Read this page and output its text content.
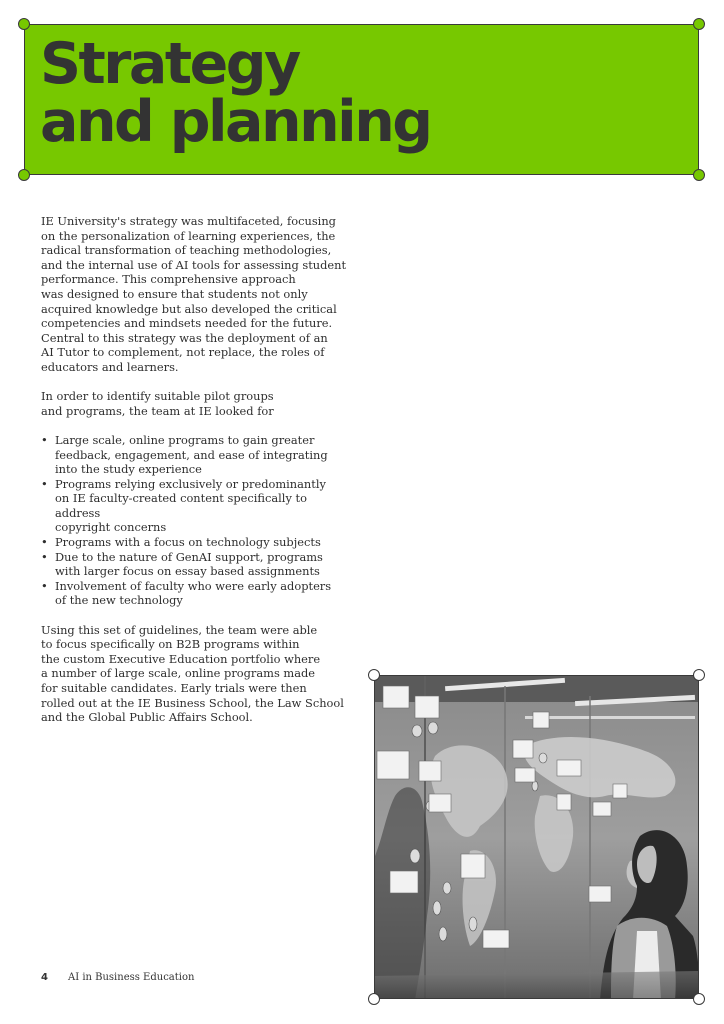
Strategy
and planning

IE University's strategy was multifaceted, focusing
on the personalization of learning experiences, the
radical transformation of teaching methodologies,
and the internal use of AI tools for assessing student
performance. This comprehensive approach
was designed to ensure that students not only
acquired knowledge but also developed the critical
competencies and mindsets needed for the future.
Central to this strategy was the deployment of an
AI Tutor to complement, not replace, the roles of
educators and learners.

In order to identify suitable pilot groups
and programs, the team at IE looked for

• Large scale, online programs to gain greater
feedback, engagement, and ease of integrating
into the study experience
• Programs relying exclusively or predominantly
on IE faculty-created content specifically to address
copyright concerns
• Programs with a focus on technology subjects
• Due to the nature of GenAI support, programs
with larger focus on essay based assignments
• Involvement of faculty who were early adopters
of the new technology

Using this set of guidelines, the team were able
to focus specifically on B2B programs within
the custom Executive Education portfolio where
a number of large scale, online programs made
for suitable candidates. Early trials were then
rolled out at the IE Business School, the Law School
and the Global Public Affairs School.

4 AI in Business Education
